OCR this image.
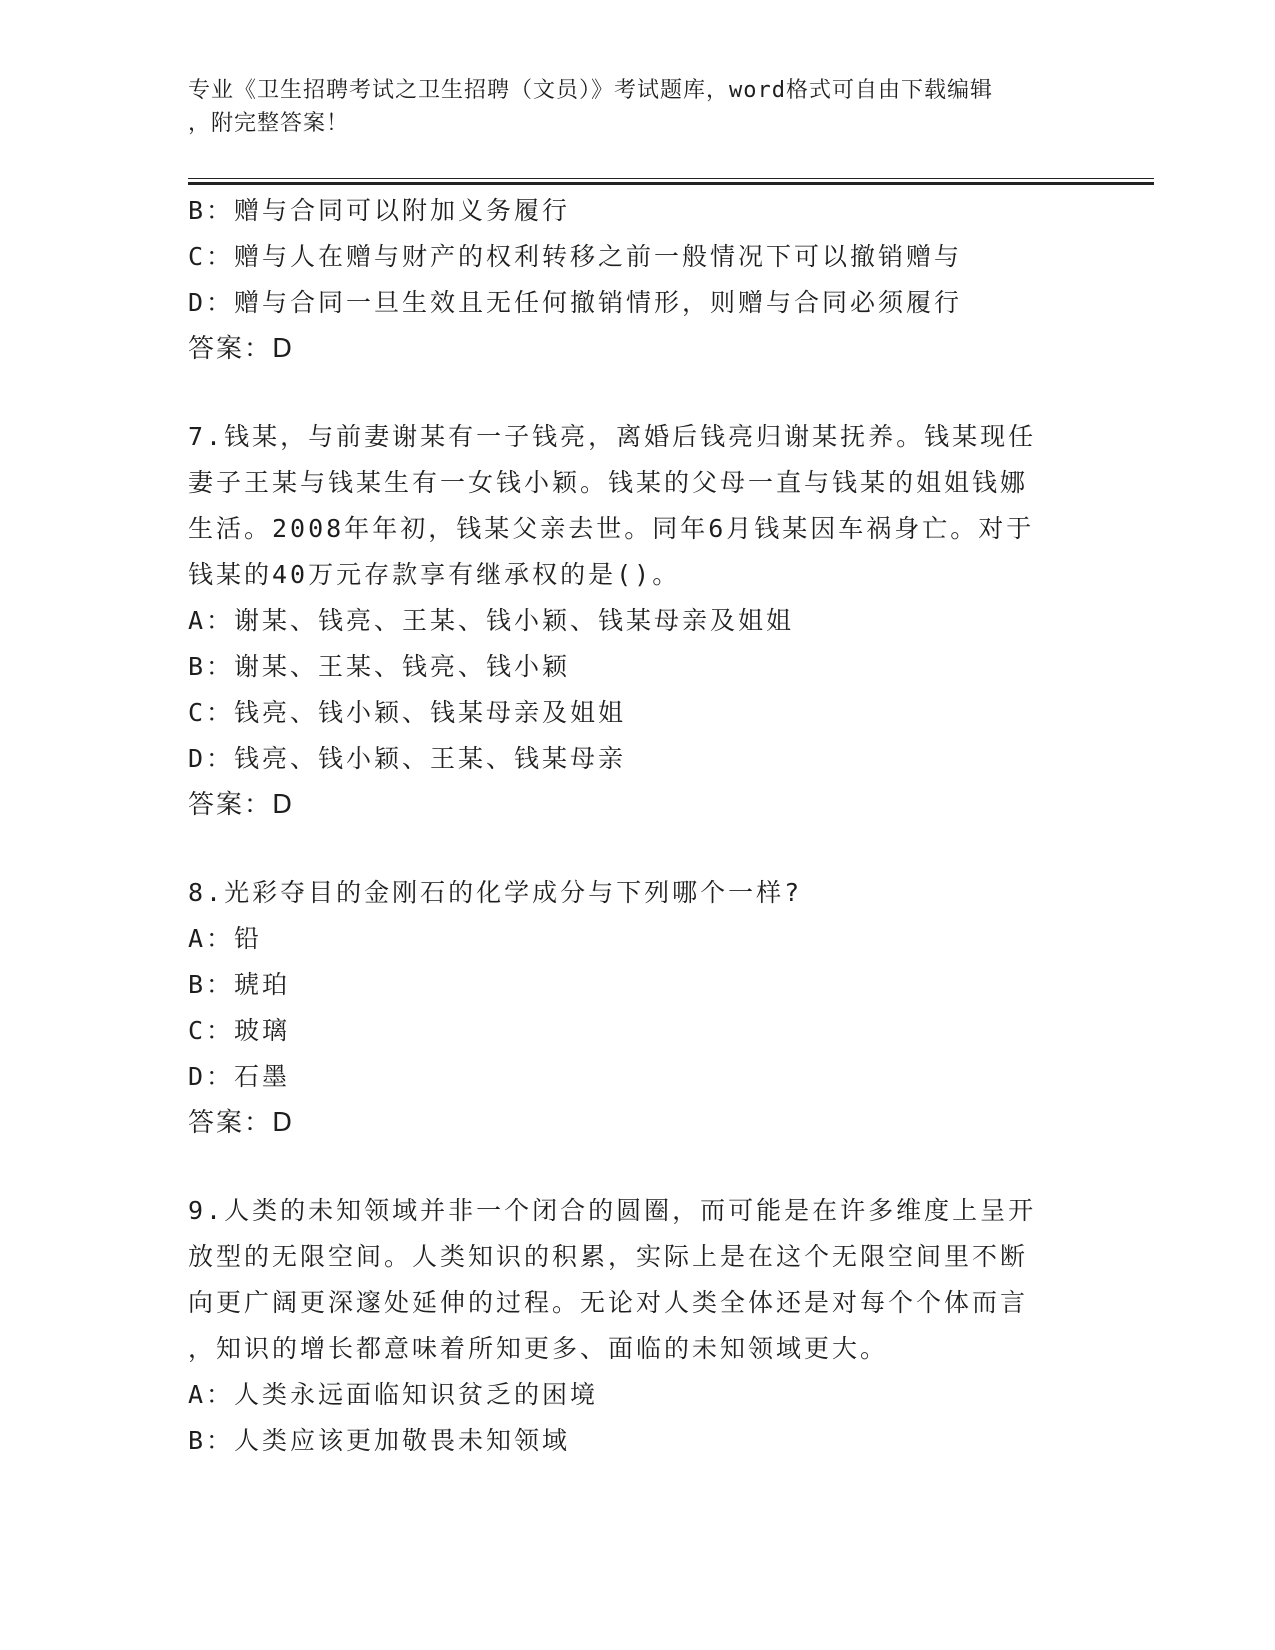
专业《卫生招聘考试之卫生招聘（文员）》考试题库，word格式可自由下载编辑
，附完整答案！
B：赠与合同可以附加义务履行
C：赠与人在赠与财产的权利转移之前一般情况下可以撤销赠与
D：赠与合同一旦生效且无任何撤销情形，则赠与合同必须履行
答案：D
7.钱某，与前妻谢某有一子钱亮，离婚后钱亮归谢某抚养。钱某现任
妻子王某与钱某生有一女钱小颖。钱某的父母一直与钱某的姐姐钱娜
生活。2008年年初，钱某父亲去世。同年6月钱某因车祸身亡。对于
钱某的40万元存款享有继承权的是()。
A：谢某、钱亮、王某、钱小颖、钱某母亲及姐姐
B：谢某、王某、钱亮、钱小颖
C：钱亮、钱小颖、钱某母亲及姐姐
D：钱亮、钱小颖、王某、钱某母亲
答案：D
8.光彩夺目的金刚石的化学成分与下列哪个一样?
A：铅
B：琥珀
C：玻璃
D：石墨
答案：D
9.人类的未知领域并非一个闭合的圆圈，而可能是在许多维度上呈开
放型的无限空间。人类知识的积累，实际上是在这个无限空间里不断
向更广阔更深邃处延伸的过程。无论对人类全体还是对每个个体而言
，知识的增长都意味着所知更多、面临的未知领域更大。
A：人类永远面临知识贫乏的困境
B：人类应该更加敬畏未知领域
